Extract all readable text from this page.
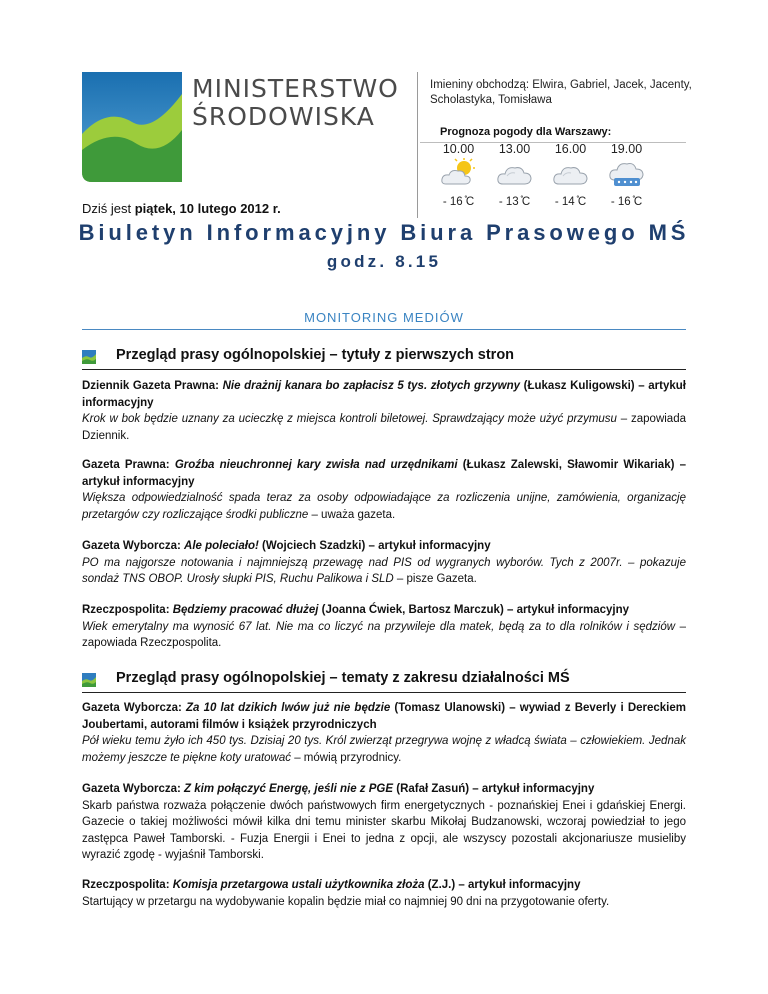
MINISTERSTWO
ŚRODOWISKA
Imieniny obchodzą: Elwira, Gabriel, Jacek, Jacenty, Scholastyka, Tomisława
Prognoza pogody dla Warszawy:
10.00
- 16 ̊C
13.00
- 13 ̊C
16.00
- 14 ̊C
19.00
- 16 ̊C
Dziś jest piątek, 10 lutego 2012 r.
Biuletyn Informacyjny Biura Prasowego MŚ
godz. 8.15
MONITORING MEDIÓW
Przegląd prasy ogólnopolskiej – tytuły z pierwszych stron
Dziennik Gazeta Prawna: Nie drażnij kanara bo zapłacisz 5 tys. złotych grzywny (Łukasz Kuligowski) – artykuł informacyjny
Krok w bok będzie uznany za ucieczkę z miejsca kontroli biletowej. Sprawdzający może użyć przymusu – zapowiada Dziennik.
Gazeta Prawna: Groźba nieuchronnej kary zwisła nad urzędnikami (Łukasz Zalewski, Sławomir Wikariak) – artykuł informacyjny
Większa odpowiedzialność spada teraz za osoby odpowiadające za rozliczenia unijne, zamówienia, organizację przetargów czy rozliczające środki publiczne – uważa gazeta.
Gazeta Wyborcza: Ale poleciało! (Wojciech Szadzki) – artykuł informacyjny
PO ma najgorsze notowania i najmniejszą przewagę nad PIS od wygranych wyborów. Tych z 2007r. – pokazuje sondaż TNS OBOP. Urosły słupki PIS, Ruchu Palikowa i SLD – pisze Gazeta.
Rzeczpospolita: Będziemy pracować dłużej (Joanna Ćwiek, Bartosz Marczuk) – artykuł informacyjny
Wiek emerytalny ma wynosić 67 lat. Nie ma co liczyć na przywileje dla matek, będą za to dla rolników i sędziów – zapowiada Rzeczpospolita.
Przegląd prasy ogólnopolskiej – tematy z zakresu działalności MŚ
Gazeta Wyborcza: Za 10 lat dzikich lwów już nie będzie (Tomasz Ulanowski) – wywiad z Beverly i Dereckiem Joubertami, autorami filmów i książek przyrodniczych
Pół wieku temu żyło ich 450 tys. Dzisiaj 20 tys. Król zwierząt przegrywa wojnę z władcą świata – człowiekiem. Jednak możemy jeszcze te piękne koty uratować – mówią przyrodnicy.
Gazeta Wyborcza: Z kim połączyć Energę, jeśli nie z PGE (Rafał Zasuń) – artykuł informacyjny
Skarb państwa rozważa połączenie dwóch państwowych firm energetycznych - poznańskiej Enei i gdańskiej Energi. Gazecie o takiej możliwości mówił kilka dni temu minister skarbu Mikołaj Budzanowski, wczoraj powiedział to jego zastępca Paweł Tamborski. - Fuzja Energii i Enei to jedna z opcji, ale wszyscy pozostali akcjonariusze musieliby wyrazić zgodę - wyjaśnił Tamborski.
Rzeczpospolita: Komisja przetargowa ustali użytkownika złoża (Z.J.) – artykuł informacyjny
Startujący w przetargu na wydobywanie kopalin będzie miał co najmniej 90 dni na przygotowanie oferty.
